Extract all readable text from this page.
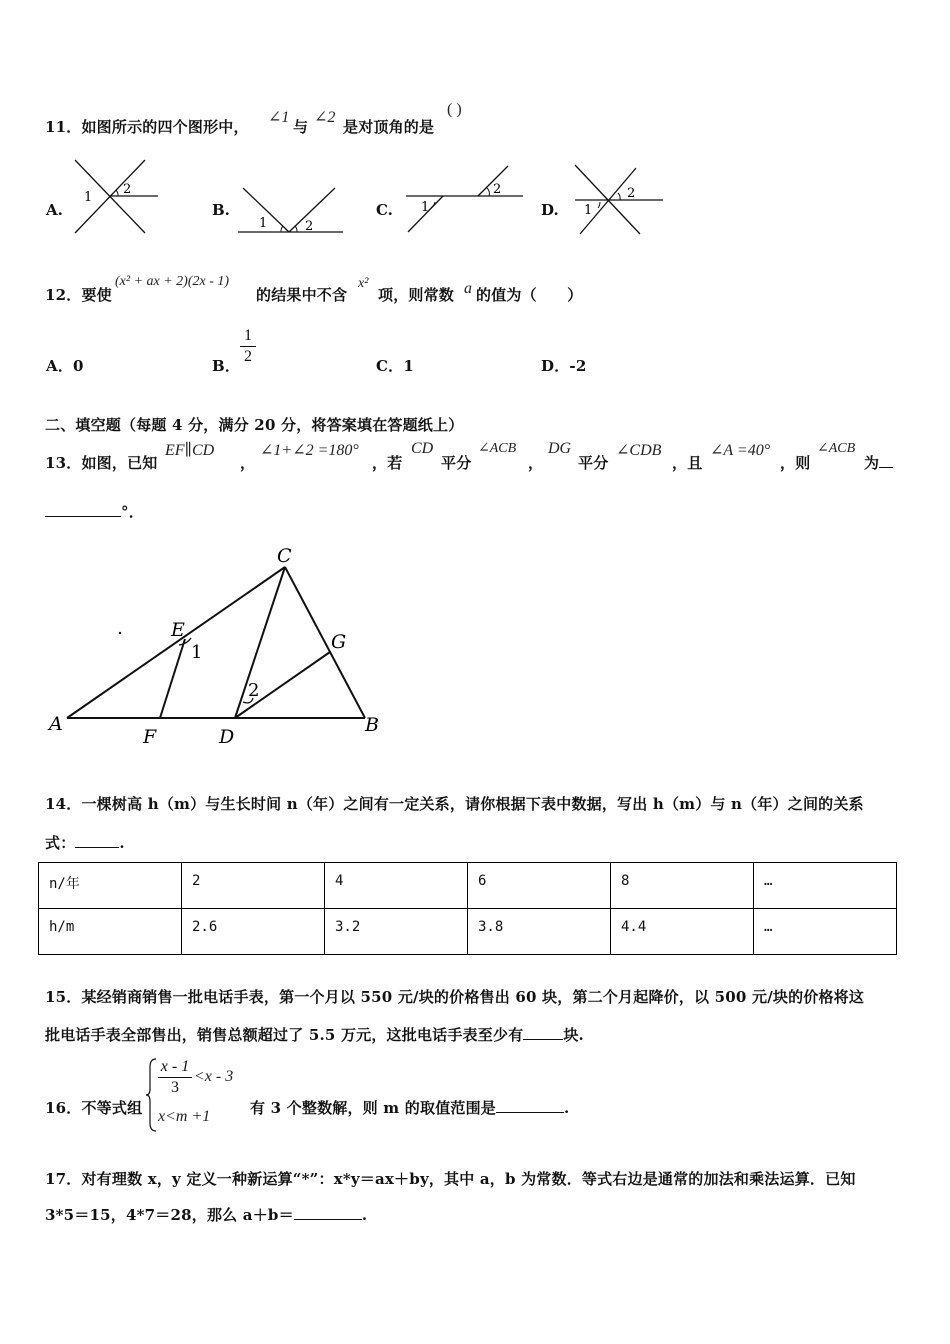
11．如图所示的四个图形中，
∠1
与
∠2
是对顶角的是
( )
A.	B.	C.	D.
1
2
1	2
1
2
1
2
12．要使
(x² + ax + 2)(2x - 1)
的结果中不含
x²
项，则常数 a 的值为（　　）
A．0	B．
1
2
C．1	D．-2
二、填空题（每题 4 分，满分 20 分，将答案填在答题纸上）
13．如图，已知
EF∥CD
，
∠1+∠2 =180°
，若
CD
平分
∠ACB
，
DG
平分
∠CDB
，且
∠A =40°
，则
∠ACB
为
°．
A	B
C
D
E
F
G
1
2
14．一棵树高 h（m）与生长时间 n（年）之间有一定关系，请你根据下表中数据，写出 h（m）与 n（年）之间的关系
式：	.
n/年	2	4	6	8	…
h/m	2.6	3.2	3.8	4.4	…
15．某经销商销售一批电话手表，第一个月以 550 元/块的价格售出 60 块，第二个月起降价，以 500 元/块的价格将这
批电话手表全部售出，销售总额超过了 5.5 万元，这批电话手表至少有	块.
16．不等式组
x - 1
3
<x - 3
x<m +1	有 3 个整数解，则 m 的取值范围是	.
17．对有理数 x，y 定义一种新运算“*”：x*y＝ax＋by，其中 a，b 为常数．等式右边是通常的加法和乘法运算．已知
3*5＝15，4*7＝28，那么 a＋b＝	.
